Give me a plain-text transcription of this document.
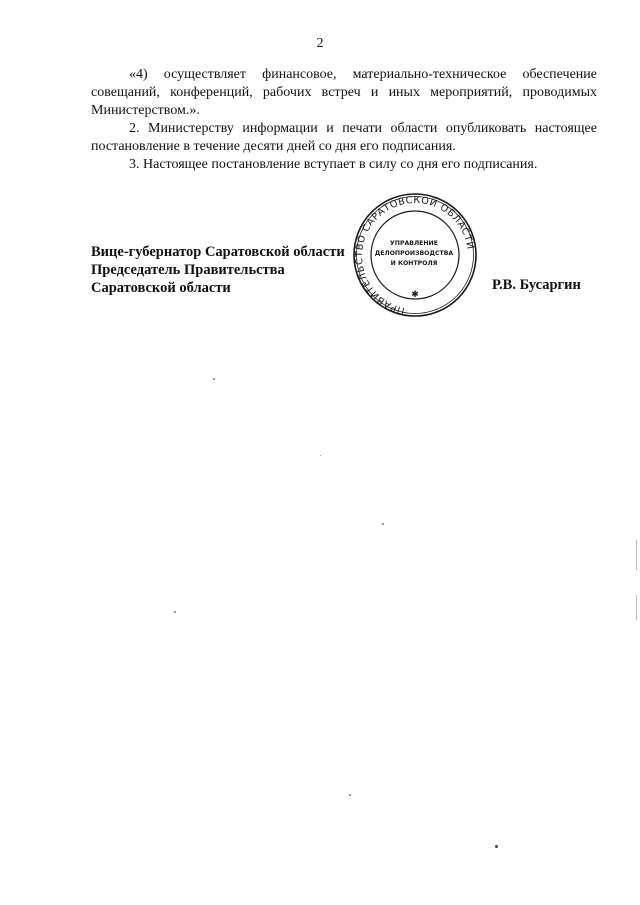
2

«4) осуществляет финансовое, материально-техническое обеспечение совещаний, конференций, рабочих встреч и иных мероприятий, проводимых Министерством.».

2. Министерству информации и печати области опубликовать настоящее постановление в течение десяти дней со дня его подписания.

3. Настоящее постановление вступает в силу со дня его подписания.

Вице-губернатор Саратовской области
Председатель Правительства
Саратовской области	Р.В. Бусаргин
ПРАВИТЕЛЬСТВО САРАТОВСКОЙ ОБЛАСТИ
УПРАВЛЕНИЕ
ДЕЛОПРОИЗВОДСТВА
И КОНТРОЛЯ
✱
